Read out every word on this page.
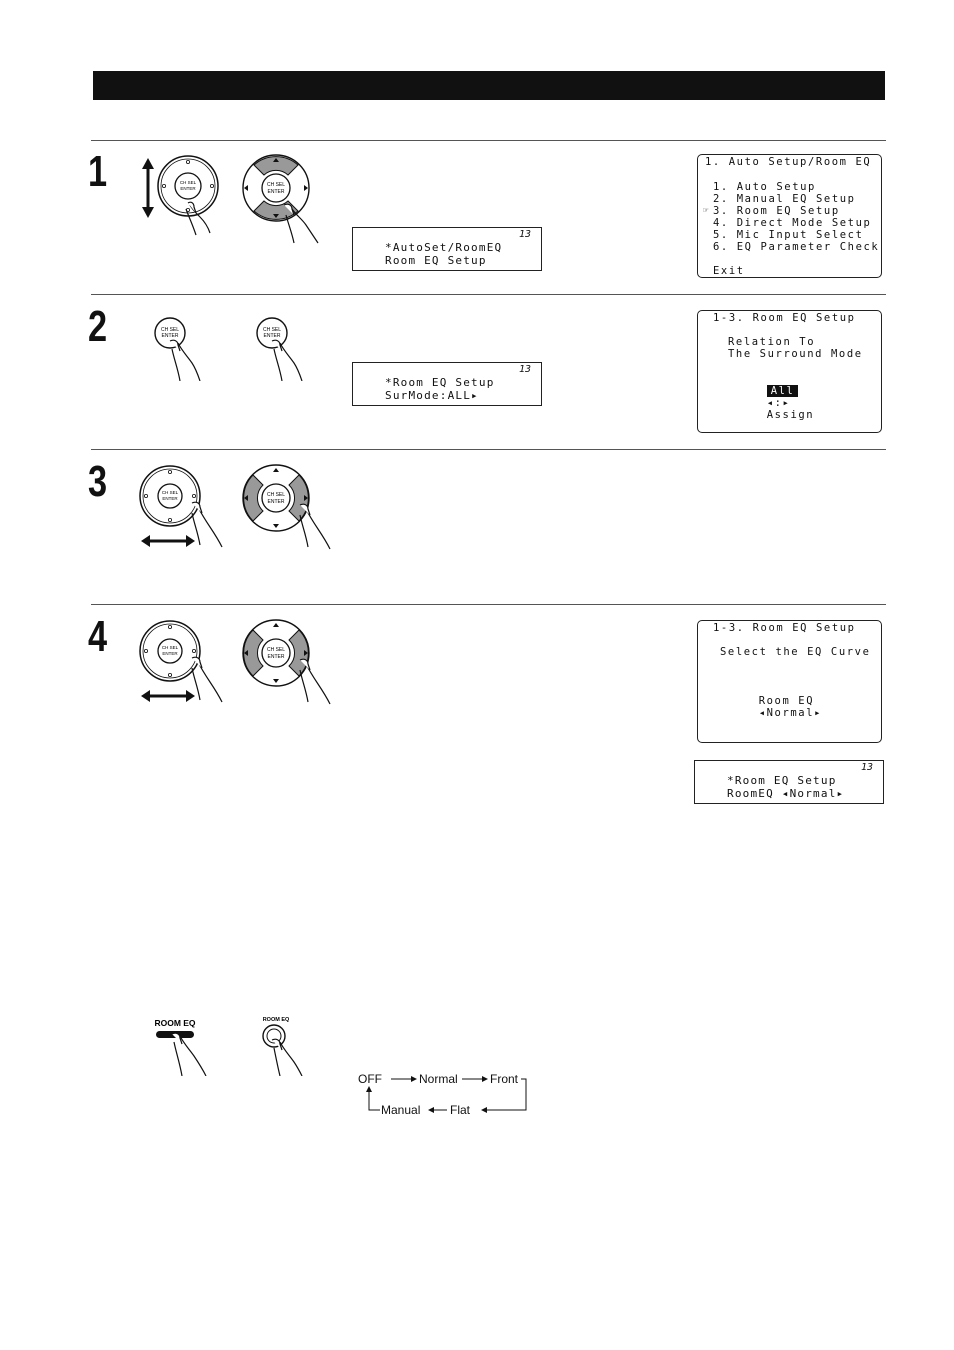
1
2
3
4
CH SEL
ENTER
CH SEL
ENTER
13
*AutoSet/RoomEQ
Room EQ Setup
1. Auto Setup/Room EQ
1. Auto Setup
2. Manual EQ Setup
☞ 3. Room EQ Setup
4. Direct Mode Setup
5. Mic Input Select
6. EQ Parameter Check
Exit
CH SEL
ENTER
CH SEL
ENTER
13
*Room EQ Setup
SurMode:ALL▸
1-3. Room EQ Setup
Relation To
The Surround Mode

All
◂:▸
Assign

CH SEL
ENTER
CH SEL
ENTER
CH SEL
ENTER
CH SEL
ENTER
1-3. Room EQ Setup
Select the EQ Curve

Room EQ
◂Normal▸

13
*Room EQ Setup
RoomEQ ◂Normal▸
ROOM EQ	ROOM EQ
OFF	Normal	Front
Flat
Manual
